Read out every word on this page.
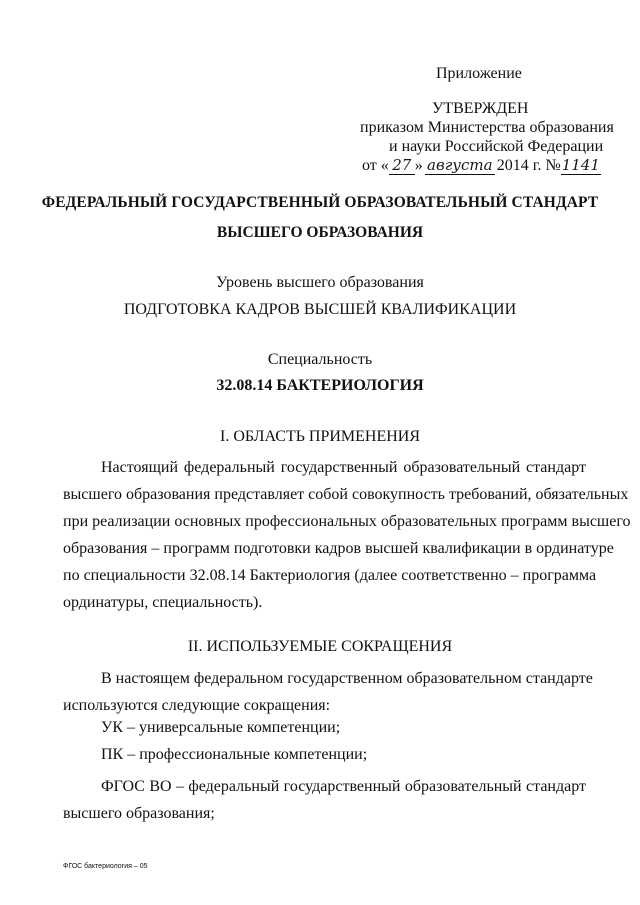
Приложение
УТВЕРЖДЕН
приказом Министерства образования
и науки Российской Федерации
от « 27 » августа 2014 г. № 1141
ФЕДЕРАЛЬНЫЙ ГОСУДАРСТВЕННЫЙ ОБРАЗОВАТЕЛЬНЫЙ СТАНДАРТ
ВЫСШЕГО ОБРАЗОВАНИЯ
Уровень высшего образования
ПОДГОТОВКА КАДРОВ ВЫСШЕЙ КВАЛИФИКАЦИИ
Специальность
32.08.14 БАКТЕРИОЛОГИЯ
I. ОБЛАСТЬ ПРИМЕНЕНИЯ
Настоящий федеральный государственный образовательный стандарт
высшего образования представляет собой совокупность требований, обязательных
при реализации основных профессиональных образовательных программ высшего
образования – программ подготовки кадров высшей квалификации в ординатуре
по специальности 32.08.14 Бактериология (далее соответственно – программа
ординатуры, специальность).
II. ИСПОЛЬЗУЕМЫЕ СОКРАЩЕНИЯ
В настоящем федеральном государственном образовательном стандарте
используются следующие сокращения:
УК – универсальные компетенции;
ПК – профессиональные компетенции;
ФГОС ВО – федеральный государственный образовательный стандарт
высшего образования;
ФГОС бактериология – 05
